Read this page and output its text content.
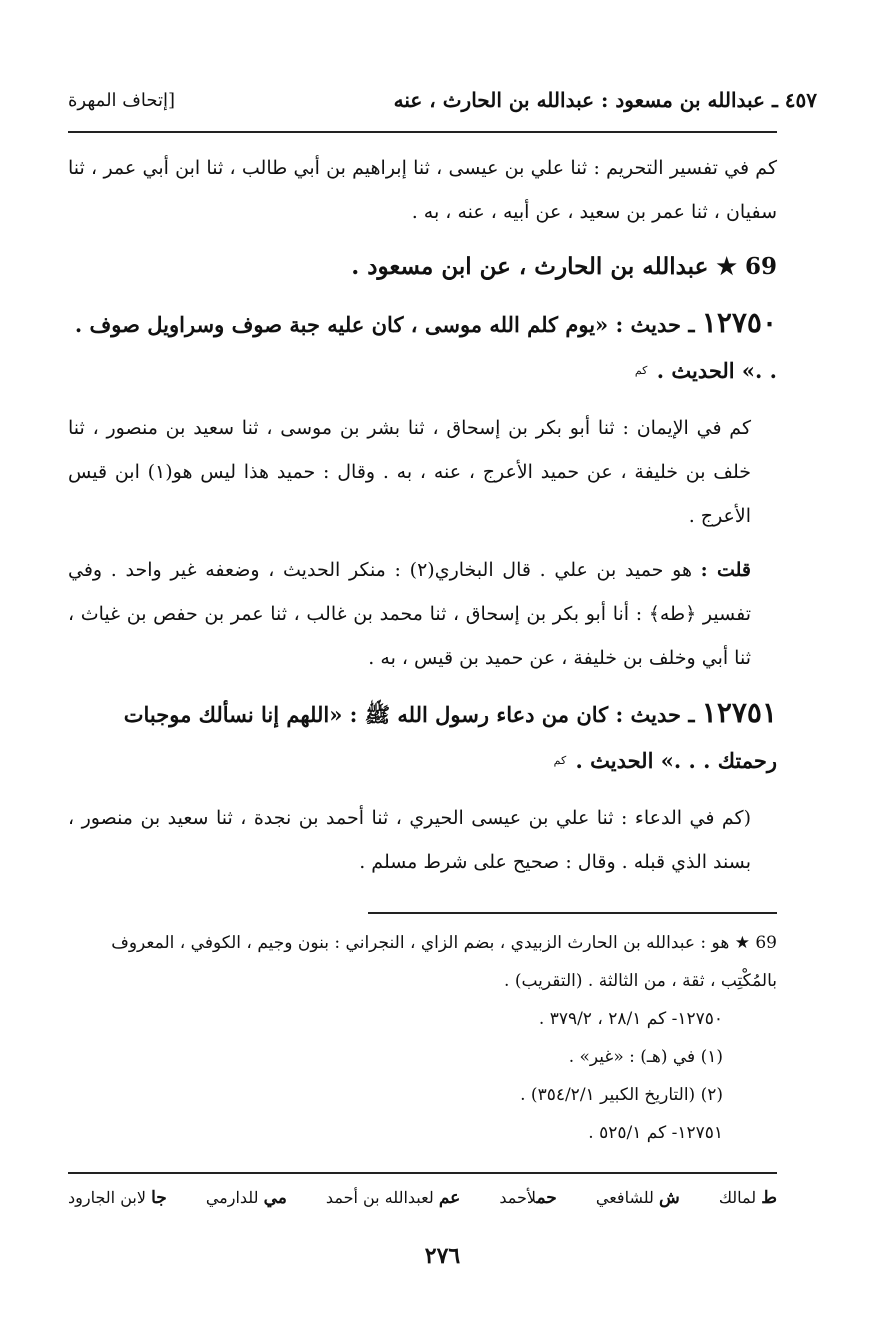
٤٥٧ ـ عبدالله بن مسعود : عبدالله بن الحارث ، عنه
[إتحاف المهرة

كم في تفسير التحريم : ثنا علي بن عيسى ، ثنا إبراهيم بن أبي طالب ، ثنا ابن أبي عمر ، ثنا سفيان ، ثنا عمر بن سعيد ، عن أبيه ، عنه ، به .

69 ★ عبدالله بن الحارث ، عن ابن مسعود .

١٢٧٥٠ ـ حديث : «يوم كلم الله موسى ، كان عليه جبة صوف وسراويل صوف . . .» الحديث . $^{كم}$

كم في الإيمان : ثنا أبو بكر بن إسحاق ، ثنا بشر بن موسى ، ثنا سعيد بن منصور ، ثنا خلف بن خليفة ، عن حميد الأعرج ، عنه ، به . وقال : حميد هذا ليس هو(١) ابن قيس الأعرج .

قلت : هو حميد بن علي . قال البخاري(٢) : منكر الحديث ، وضعفه غير واحد . وفي تفسير ﴿طه﴾ : أنا أبو بكر بن إسحاق ، ثنا محمد بن غالب ، ثنا عمر بن حفص بن غياث ، ثنا أبي وخلف بن خليفة ، عن حميد بن قيس ، به .

١٢٧٥١ ـ حديث : كان من دعاء رسول الله ﷺ : «اللهم إنا نسألك موجبات رحمتك . . .» الحديث . $^{كم}$

(كم في الدعاء : ثنا علي بن عيسى الحيري ، ثنا أحمد بن نجدة ، ثنا سعيد بن منصور ، بسند الذي قبله . وقال : صحيح على شرط مسلم .

69 ★ هو : عبدالله بن الحارث الزبيدي ، بضم الزاي ، النجراني : بنون وجيم ، الكوفي ، المعروف بالمُكْتِب ، ثقة ، من الثالثة . (التقريب) .

١٢٧٥٠- كم ٢٨/١ ، ٣٧٩/٢ .

(١) في (هـ) : «غير» .

(٢) (التاريخ الكبير ٣٥٤/٢/١) .

١٢٧٥١- كم ٥٢٥/١ .

ط لمالك
ش للشافعي
حملأحمد
عم لعبدالله بن أحمد
مي للدارمي
جا لابن الجارود
٢٧٦
